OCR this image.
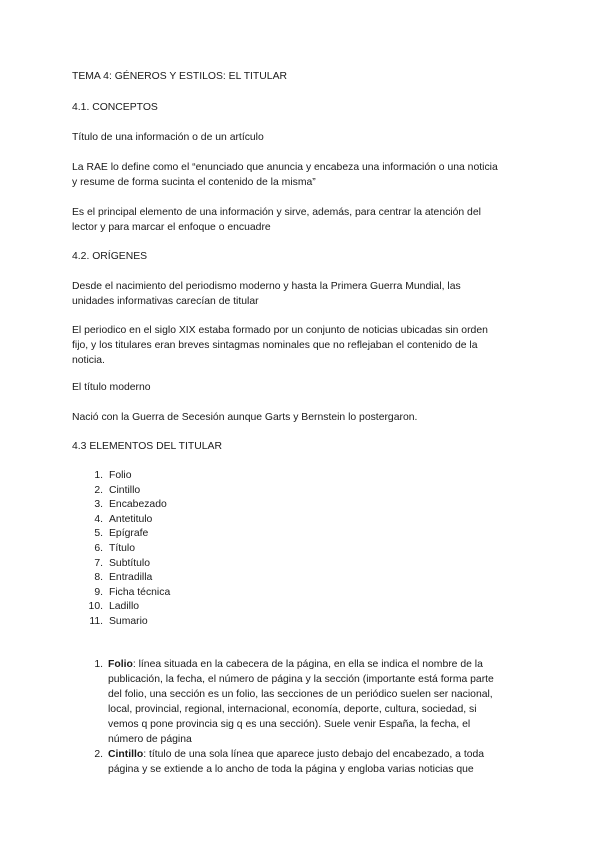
TEMA 4: GÉNEROS Y ESTILOS: EL TITULAR

4.1. CONCEPTOS

Título de una información o de un artículo

La RAE lo define como el “enunciado que anuncia y encabeza una información o una noticia
y resume de forma sucinta el contenido de la misma”
Es el principal elemento de una información y sirve, además, para centrar la atención del
lector y para marcar el enfoque o encuadre

4.2. ORÍGENES

Desde el nacimiento del periodismo moderno y hasta la Primera Guerra Mundial, las
unidades informativas carecían de titular
El periodico en el siglo XIX estaba formado por un conjunto de noticias ubicadas sin orden
fijo, y los titulares eran breves sintagmas nominales que no reflejaban el contenido de la
noticia.

El título moderno

Nació con la Guerra de Secesión aunque Garts y Bernstein lo postergaron.

4.3 ELEMENTOS DEL TITULAR

1. Folio
2. Cintillo
3. Encabezado
4. Antetitulo
5. Epígrafe
6. Título
7. Subtítulo
8. Entradilla
9. Ficha técnica
10. Ladillo
11. Sumario
1. Folio: línea situada en la cabecera de la página, en ella se indica el nombre de la
publicación, la fecha, el número de página y la sección (importante está forma parte
del folio, una sección es un folio, las secciones de un periódico suelen ser nacional,
local, provincial, regional, internacional, economía, deporte, cultura, sociedad, si
vemos q pone provincia sig q es una sección). Suele venir España, la fecha, el
número de página
2. Cintillo: título de una sola línea que aparece justo debajo del encabezado, a toda
página y se extiende a lo ancho de toda la página y engloba varias noticias que
